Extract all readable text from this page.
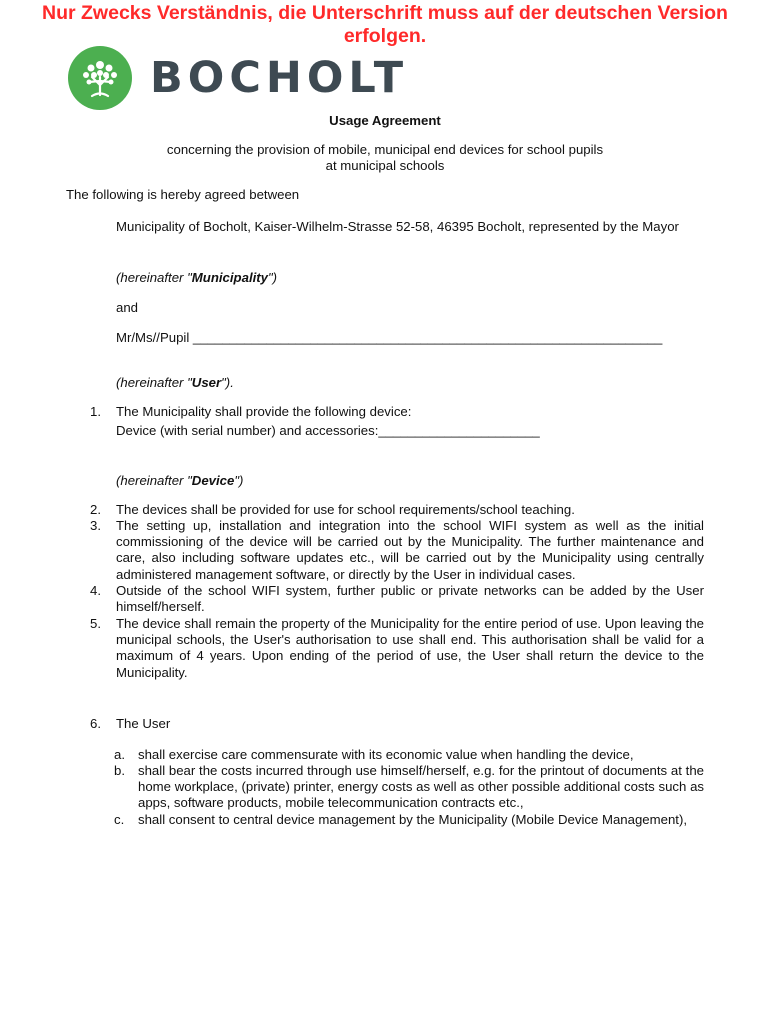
Nur Zwecks Verständnis, die Unterschrift muss auf der deutschen Version
erfolgen.
BOCHOLT
Usage Agreement
concerning the provision of mobile, municipal end devices for school pupils
at municipal schools
The following is hereby agreed between
Municipality of Bocholt, Kaiser-Wilhelm-Strasse 52-58, 46395 Bocholt, represented by the Mayor
(hereinafter "Municipality")
and
Mr/Ms//Pupil ________________________________________________________________
(hereinafter "User").
1. The Municipality shall provide the following device:
Device (with serial number) and accessories:______________________
(hereinafter "Device")
2. The devices shall be provided for use for school requirements/school teaching.
3. The setting up, installation and integration into the school WIFI system as well as the initial commissioning of the device will be carried out by the Municipality. The further maintenance and care, also including software updates etc., will be carried out by the Municipality using centrally administered management software, or directly by the User in individual cases.
4. Outside of the school WIFI system, further public or private networks can be added by the User himself/herself.
5. The device shall remain the property of the Municipality for the entire period of use. Upon leaving the municipal schools, the User's authorisation to use shall end. This authorisation shall be valid for a maximum of 4 years. Upon ending of the period of use, the User shall return the device to the Municipality.
6. The User
a. shall exercise care commensurate with its economic value when handling the device,
b. shall bear the costs incurred through use himself/herself, e.g. for the printout of documents at the home workplace, (private) printer, energy costs as well as other possible additional costs such as apps, software products, mobile telecommunication contracts etc.,
c. shall consent to central device management by the Municipality (Mobile Device Management),
